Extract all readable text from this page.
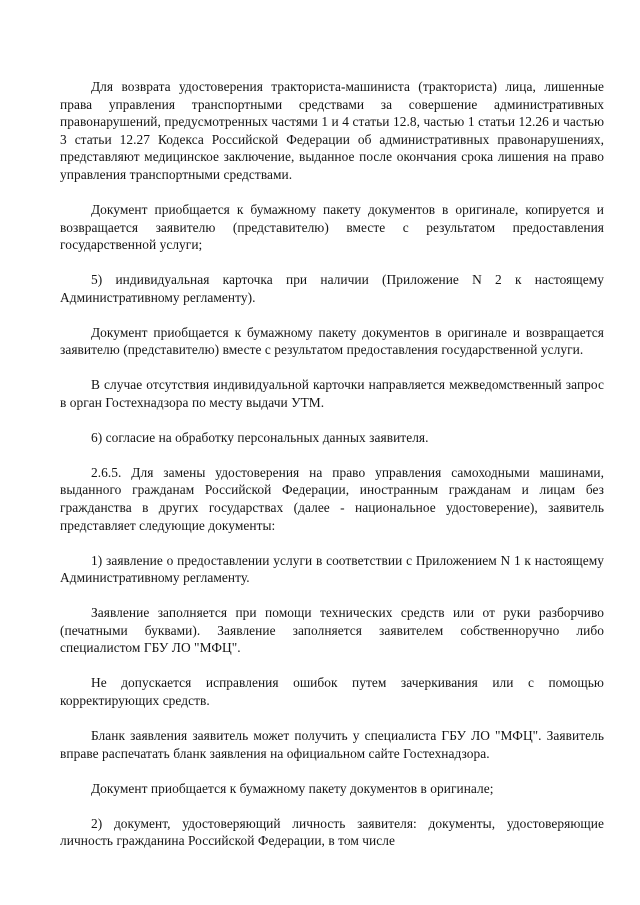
Для возврата удостоверения тракториста-машиниста (тракториста) лица, лишенные права управления транспортными средствами за совершение административных правонарушений, предусмотренных частями 1 и 4 статьи 12.8, частью 1 статьи 12.26 и частью 3 статьи 12.27 Кодекса Российской Федерации об административных правонарушениях, представляют медицинское заключение, выданное после окончания срока лишения на право управления транспортными средствами.

Документ приобщается к бумажному пакету документов в оригинале, копируется и возвращается заявителю (представителю) вместе с результатом предоставления государственной услуги;

5) индивидуальная карточка при наличии (Приложение N 2 к настоящему Административному регламенту).

Документ приобщается к бумажному пакету документов в оригинале и возвращается заявителю (представителю) вместе с результатом предоставления государственной услуги.

В случае отсутствия индивидуальной карточки направляется межведомственный запрос в орган Гостехнадзора по месту выдачи УТМ.

6) согласие на обработку персональных данных заявителя.

2.6.5. Для замены удостоверения на право управления самоходными машинами, выданного гражданам Российской Федерации, иностранным гражданам и лицам без гражданства в других государствах (далее - национальное удостоверение), заявитель представляет следующие документы:

1) заявление о предоставлении услуги в соответствии с Приложением N 1 к настоящему Административному регламенту.

Заявление заполняется при помощи технических средств или от руки разборчиво (печатными буквами). Заявление заполняется заявителем собственноручно либо специалистом ГБУ ЛО "МФЦ".

Не допускается исправления ошибок путем зачеркивания или с помощью корректирующих средств.

Бланк заявления заявитель может получить у специалиста ГБУ ЛО "МФЦ". Заявитель вправе распечатать бланк заявления на официальном сайте Гостехнадзора.

Документ приобщается к бумажному пакету документов в оригинале;

2) документ, удостоверяющий личность заявителя: документы, удостоверяющие личность гражданина Российской Федерации, в том числе
